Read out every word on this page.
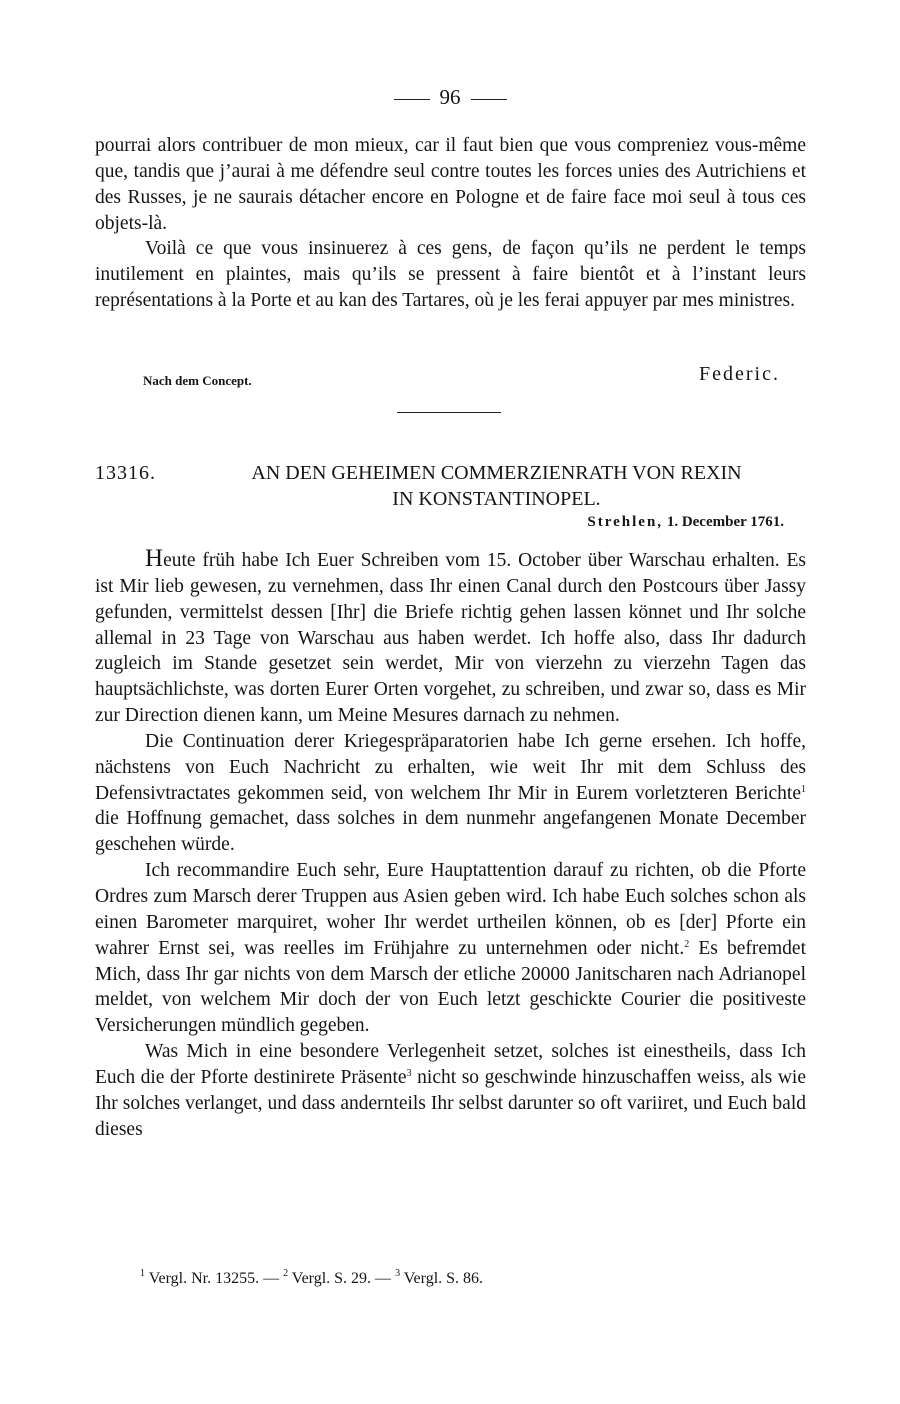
96

pourrai alors contribuer de mon mieux, car il faut bien que vous compreniez vous-même que, tandis que j’aurai à me défendre seul contre toutes les forces unies des Autrichiens et des Russes, je ne saurais détacher encore en Pologne et de faire face moi seul à tous ces objets-là.

Voilà ce que vous insinuerez à ces gens, de façon qu’ils ne perdent le temps inutilement en plaintes, mais qu’ils se pressent à faire bientôt et à l’instant leurs représentations à la Porte et au kan des Tartares, où je les ferai appuyer par mes ministres.

Nach dem Concept.	Federic.
13316.	AN DEN GEHEIMEN COMMERZIENRATH VON REXIN
IN KONSTANTINOPEL.
Strehlen, 1. December 1761.

Heute früh habe Ich Euer Schreiben vom 15. October über Warschau erhalten. Es ist Mir lieb gewesen, zu vernehmen, dass Ihr einen Canal durch den Postcours über Jassy gefunden, vermittelst dessen [Ihr] die Briefe richtig gehen lassen könnet und Ihr solche allemal in 23 Tage von Warschau aus haben werdet. Ich hoffe also, dass Ihr dadurch zugleich im Stande gesetzet sein werdet, Mir von vierzehn zu vierzehn Tagen das hauptsächlichste, was dorten Eurer Orten vorgehet, zu schreiben, und zwar so, dass es Mir zur Direction dienen kann, um Meine Mesures darnach zu nehmen.

Die Continuation derer Kriegespräparatorien habe Ich gerne ersehen. Ich hoffe, nächstens von Euch Nachricht zu erhalten, wie weit Ihr mit dem Schluss des Defensivtractates gekommen seid, von welchem Ihr Mir in Eurem vorletzteren Berichte$^1$ die Hoffnung gemachet, dass solches in dem nunmehr angefangenen Monate December geschehen würde.

Ich recommandire Euch sehr, Eure Hauptattention darauf zu richten, ob die Pforte Ordres zum Marsch derer Truppen aus Asien geben wird. Ich habe Euch solches schon als einen Barometer marquiret, woher Ihr werdet urtheilen können, ob es [der] Pforte ein wahrer Ernst sei, was reelles im Frühjahre zu unternehmen oder nicht.$^2$ Es befremdet Mich, dass Ihr gar nichts von dem Marsch der etliche 20000 Janitscharen nach Adrianopel meldet, von welchem Mir doch der von Euch letzt geschickte Courier die positiveste Versicherungen mündlich gegeben.

Was Mich in eine besondere Verlegenheit setzet, solches ist einestheils, dass Ich Euch die der Pforte destinirete Präsente$^3$ nicht so geschwinde hinzuschaffen weiss, als wie Ihr solches verlanget, und dass andernteils Ihr selbst darunter so oft variiret, und Euch bald dieses

$^1$ Vergl. Nr. 13255. — $^2$ Vergl. S. 29. — $^3$ Vergl. S. 86.
